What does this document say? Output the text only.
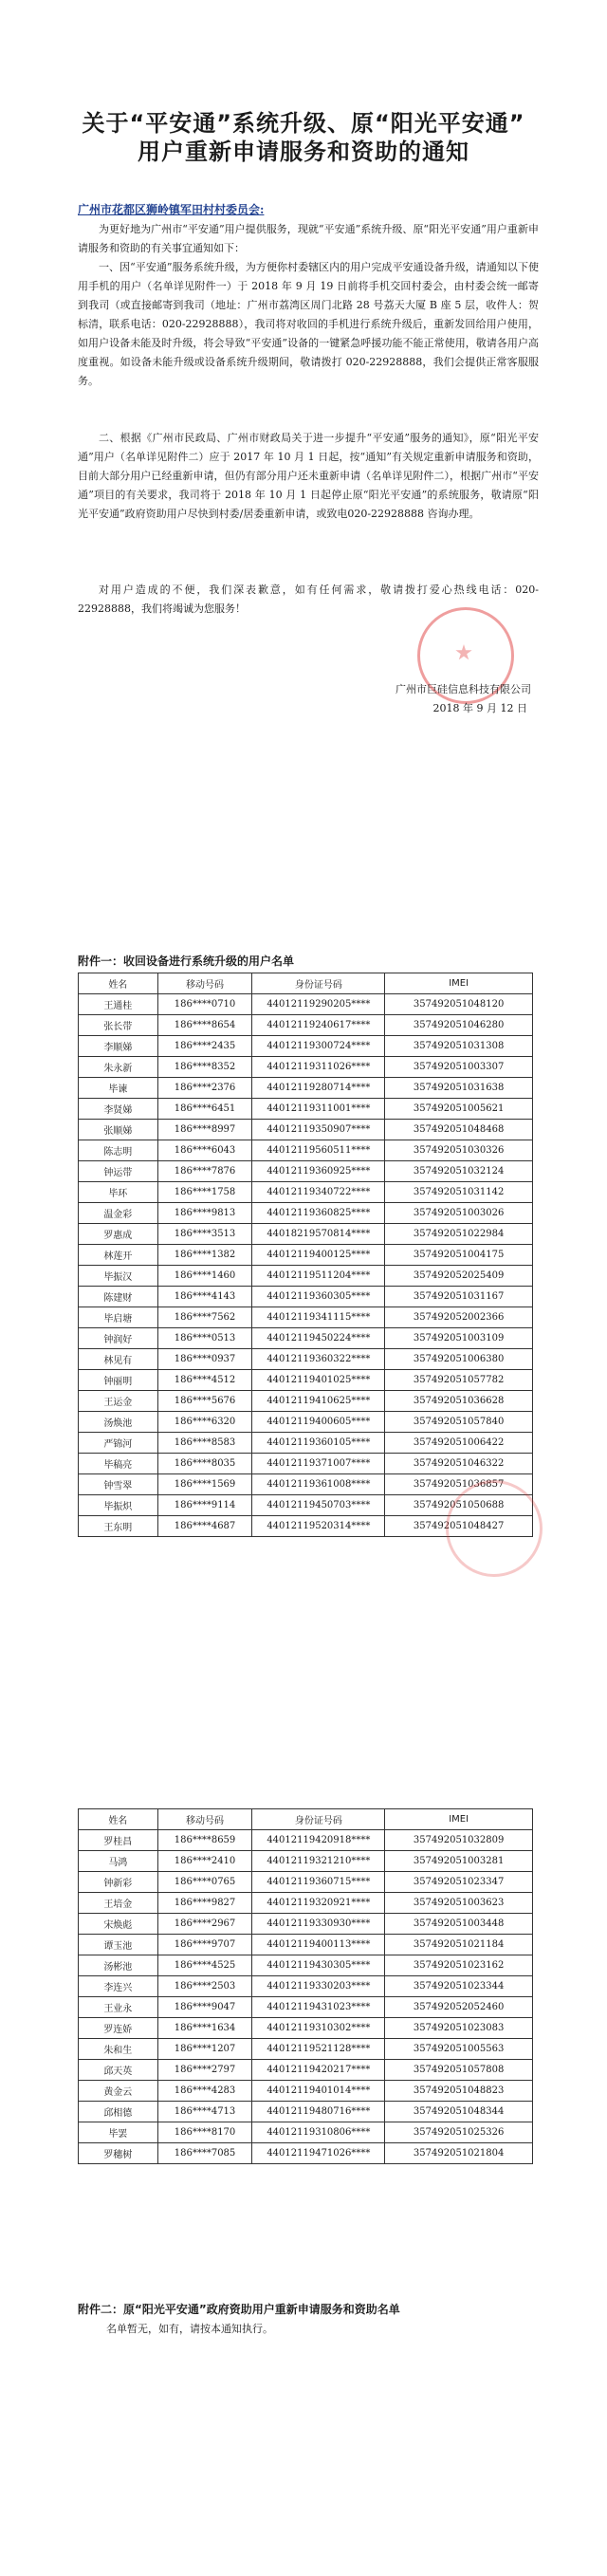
关于“平安通”系统升级、原“阳光平安通”
用户重新申请服务和资助的通知
广州市花都区狮岭镇军田村村委员会:
为更好地为广州市“平安通”用户提供服务，现就“平安通”系统升级、原“阳光平安通”用户重新申请服务和资助的有关事宜通知如下：
一、因“平安通”服务系统升级，为方便你村委辖区内的用户完成平安通设备升级，请通知以下使用手机的用户（名单详见附件一）于 2018 年 9 月 19 日前将手机交回村委会，由村委会统一邮寄到我司（或直接邮寄到我司（地址：广州市荔湾区周门北路 28 号荔天大厦 B 座 5 层，收件人：贺标清，联系电话：020-22928888），我司将对收回的手机进行系统升级后，重新发回给用户使用，如用户设备未能及时升级，将会导致“平安通”设备的一键紧急呼援功能不能正常使用，敬请各用户高度重视。如设备未能升级或设备系统升级期间，敬请拨打 020-22928888，我们会提供正常客服服务。
二、根据《广州市民政局、广州市财政局关于进一步提升“平安通”服务的通知》，原“阳光平安通”用户（名单详见附件二）应于 2017 年 10 月 1 日起，按“通知”有关规定重新申请服务和资助，目前大部分用户已经重新申请，但仍有部分用户还未重新申请（名单详见附件二），根据广州市“平安通”项目的有关要求，我司将于 2018 年 10 月 1 日起停止原“阳光平安通”的系统服务，敬请原“阳光平安通”政府资助用户尽快到村委/居委重新申请，或致电020-22928888 咨询办理。
对用户造成的不便，我们深表歉意，如有任何需求，敬请拨打爱心热线电话：020-22928888，我们将竭诚为您服务！
广州市巨硅信息科技有限公司
2018 年 9 月 12 日
附件一：收回设备进行系统升级的用户名单
姓名	移动号码	身份证号码	IMEI
王通桂	186****0710	44012119290205****	357492051048120
张长带	186****8654	44012119240617****	357492051046280
李顺娣	186****2435	44012119300724****	357492051031308
朱永新	186****8352	44012119311026****	357492051003307
毕谏	186****2376	44012119280714****	357492051031638
李贤娣	186****6451	44012119311001****	357492051005621
张顺娣	186****8997	44012119350907****	357492051048468
陈志明	186****6043	44012119560511****	357492051030326
钟运带	186****7876	44012119360925****	357492051032124
毕环	186****1758	44012119340722****	357492051031142
温金彩	186****9813	44012119360825****	357492051003026
罗惠成	186****3513	44018219570814****	357492051022984
林莲开	186****1382	44012119400125****	357492051004175
毕振汉	186****1460	44012119511204****	357492052025409
陈建财	186****4143	44012119360305****	357492051031167
毕启塘	186****7562	44012119341115****	357492052002366
钟润好	186****0513	44012119450224****	357492051003109
林见有	186****0937	44012119360322****	357492051006380
钟丽明	186****4512	44012119401025****	357492051057782
王运金	186****5676	44012119410625****	357492051036628
汤焕池	186****6320	44012119400605****	357492051057840
严锦河	186****8583	44012119360105****	357492051006422
毕稿亮	186****8035	44012119371007****	357492051046322
钟雪翠	186****1569	44012119361008****	357492051036857
毕振炽	186****9114	44012119450703****	357492051050688
王东明	186****4687	44012119520314****	357492051048427
姓名	移动号码	身份证号码	IMEI
罗桂昌	186****8659	44012119420918****	357492051032809
马鸿	186****2410	44012119321210****	357492051003281
钟新彩	186****0765	44012119360715****	357492051023347
王培金	186****9827	44012119320921****	357492051003623
宋焕彪	186****2967	44012119330930****	357492051003448
谭玉池	186****9707	44012119400113****	357492051021184
汤彬池	186****4525	44012119430305****	357492051023162
李连兴	186****2503	44012119330203****	357492051023344
王业永	186****9047	44012119431023****	357492052052460
罗连娇	186****1634	44012119310302****	357492051023083
朱和生	186****1207	44012119521128****	357492051005563
邱天英	186****2797	44012119420217****	357492051057808
黄金云	186****4283	44012119401014****	357492051048823
邱相德	186****4713	44012119480716****	357492051048344
毕罢	186****8170	44012119310806****	357492051025326
罗穗树	186****7085	44012119471026****	357492051021804
附件二：原“阳光平安通”政府资助用户重新申请服务和资助名单
名单暂无，如有，请按本通知执行。
